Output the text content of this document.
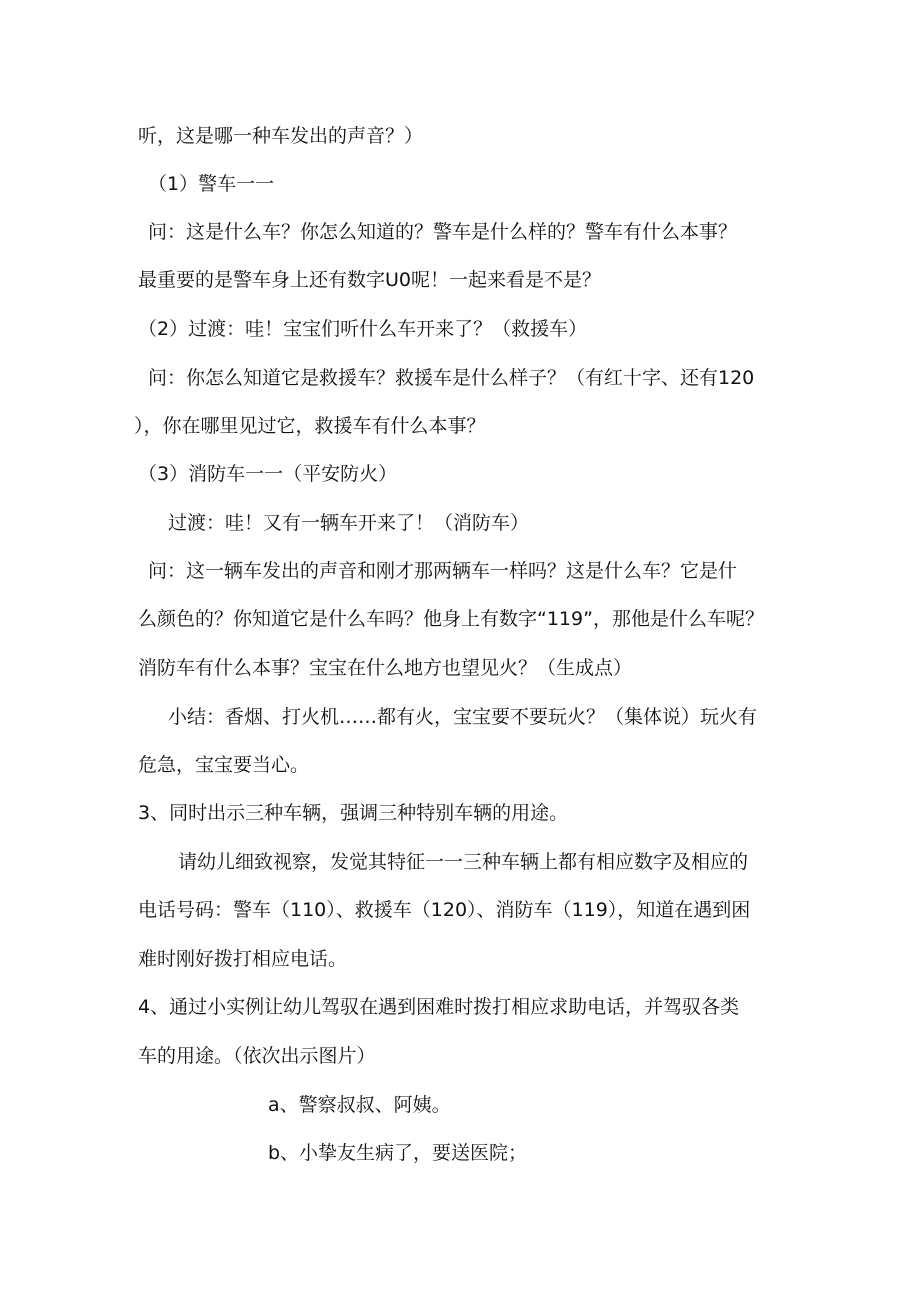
听，这是哪一种车发出的声音？）
（1）警车一一
问：这是什么车？你怎么知道的？警车是什么样的？警车有什么本事？
最重要的是警车身上还有数字U0呢！一起来看是不是？
（2）过渡：哇！宝宝们听什么车开来了？（救援车）
问：你怎么知道它是救援车？救援车是什么样子？（有红十字、还有120
），你在哪里见过它，救援车有什么本事？
（3）消防车一一（平安防火）
过渡：哇！又有一辆车开来了！（消防车）
问：这一辆车发出的声音和刚才那两辆车一样吗？这是什么车？它是什
么颜色的？你知道它是什么车吗？他身上有数字“119”，那他是什么车呢？
消防车有什么本事？宝宝在什么地方也望见火？（生成点）
小结：香烟、打火机……都有火，宝宝要不要玩火？（集体说）玩火有
危急，宝宝要当心。
3、同时出示三种车辆，强调三种特别车辆的用途。
请幼儿细致视察，发觉其特征一一三种车辆上都有相应数字及相应的
电话号码：警车（110）、救援车（120）、消防车（119），知道在遇到困
难时刚好拨打相应电话。
4、通过小实例让幼儿驾驭在遇到困难时拨打相应求助电话，并驾驭各类
车的用途。（依次出示图片）
a、警察叔叔、阿姨。
b、小挚友生病了，要送医院；
